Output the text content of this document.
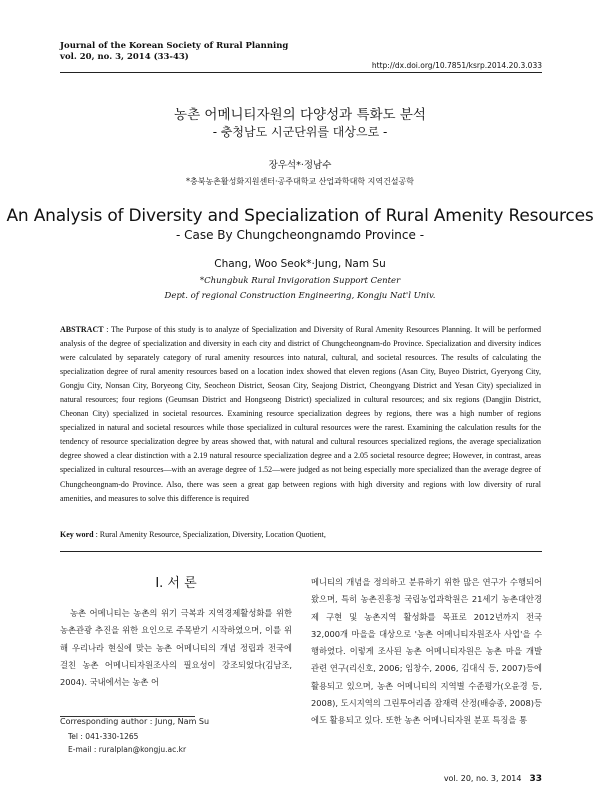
Journal of the Korean Society of Rural Planning
vol. 20, no. 3, 2014 (33-43)
http://dx.doi.org/10.7851/ksrp.2014.20.3.033
농촌 어메니티자원의 다양성과 특화도 분석
- 충청남도 시군단위를 대상으로 -
장우석*·정남수
*충북농촌활성화지원센터·공주대학교 산업과학대학 지역건설공학
An Analysis of Diversity and Specialization of Rural Amenity Resources
- Case By Chungcheongnamdo Province -
Chang, Woo Seok*·Jung, Nam Su
*Chungbuk Rural Invigoration Support Center
Dept. of regional Construction Engineering, Kongju Nat'l Univ.
ABSTRACT : The Purpose of this study is to analyze of Specialization and Diversity of Rural Amenity Resources Planning. It will be performed analysis of the degree of specialization and diversity in each city and district of Chungcheongnam-do Province. Specialization and diversity indices were calculated by separately category of rural amenity resources into natural, cultural, and societal resources. The results of calculating the specialization degree of rural amenity resources based on a location index showed that eleven regions (Asan City, Buyeo District, Gyeryong City, Gongju City, Nonsan City, Boryeong City, Seocheon District, Seosan City, Seajong District, Cheongyang District and Yesan City) specialized in natural resources; four regions (Geumsan District and Hongseong District) specialized in cultural resources; and six regions (Dangjin District, Cheonan City) specialized in societal resources. Examining resource specialization degrees by regions, there was a high number of regions specialized in natural and societal resources while those specialized in cultural resources were the rarest. Examining the calculation results for the tendency of resource specialization degree by areas showed that, with natural and cultural resources specialized regions, the average specialization degree showed a clear distinction with a 2.19 natural resource specialization degree and a 2.05 societal resource degree; However, in contrast, areas specialized in cultural resources—with an average degree of 1.52—were judged as not being especially more specialized than the average degree of Chungcheongnam-do Province. Also, there was seen a great gap between regions with high diversity and regions with low diversity of rural amenities, and measures to solve this difference is required
Key word : Rural Amenity Resource, Specialization, Diversity, Location Quotient,
I. 서 론

농촌 어메니티는 농촌의 위기 극복과 지역경제활성화를 위한 농촌관광 추진을 위한 요인으로 주목받기 시작하였으며, 이를 위해 우리나라 현실에 맞는 농촌 어메니티의 개념 정립과 전국에 걸친 농촌 어메니티자원조사의 필요성이 강조되었다(김남조, 2004). 국내에서는 농촌 어

메니티의 개념을 정의하고 분류하기 위한 많은 연구가 수행되어 왔으며, 특히 농촌진흥청 국립농업과학원은 21세기 농촌대안경제 구현 및 농촌지역 활성화를 목표로 2012년까지 전국 32,000개 마을을 대상으로 '농촌 어메니티자원조사 사업'을 수행하였다. 이렇게 조사된 농촌 어메니티자원은 농촌 마을 개발 관련 연구(리신호, 2006; 임창수, 2006, 김대식 등, 2007)등에 활용되고 있으며, 농촌 어메니티의 지역별 수준평가(오윤경 등, 2008), 도시지역의 그린투어리즘 잠재력 산정(배승종, 2008)등에도 활용되고 있다. 또한 농촌 어메니티자원 분포 특징을 통

Corresponding author : Jung, Nam Su
Tel : 041-330-1265
E-mail : ruralplan@kongju.ac.kr
vol. 20, no. 3, 2014 33
